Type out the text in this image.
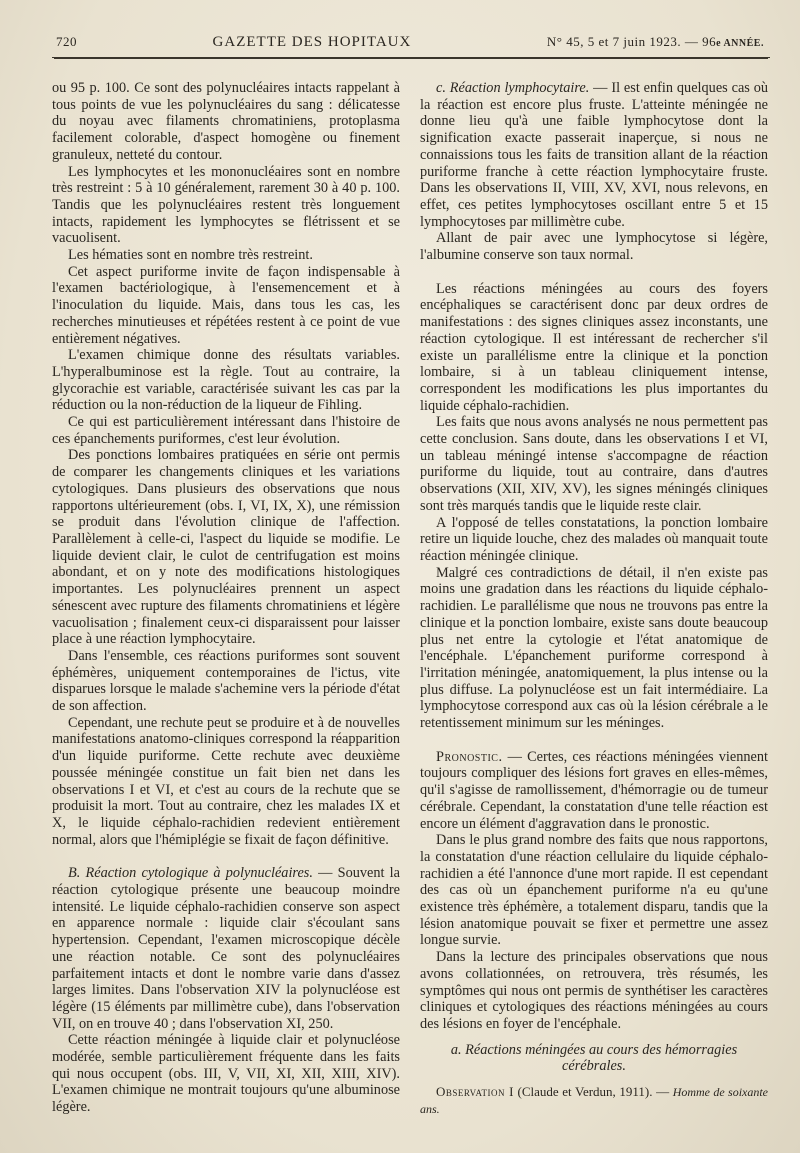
720	GAZETTE DES HOPITAUX	N° 45, 5 et 7 juin 1923. — 96e ANNÉE.

ou 95 p. 100. Ce sont des polynucléaires intacts rappelant à tous points de vue les polynucléaires du sang : délicatesse du noyau avec filaments chromatiniens, protoplasma facilement colorable, d'aspect homogène ou finement granuleux, netteté du contour.

Les lymphocytes et les mononucléaires sont en nombre très restreint : 5 à 10 généralement, rarement 30 à 40 p. 100. Tandis que les polynucléaires restent très longuement intacts, rapidement les lymphocytes se flétrissent et se vacuolisent.

Les hématies sont en nombre très restreint.

Cet aspect puriforme invite de façon indispensable à l'examen bactériologique, à l'ensemencement et à l'inoculation du liquide. Mais, dans tous les cas, les recherches minutieuses et répétées restent à ce point de vue entièrement négatives.

L'examen chimique donne des résultats variables. L'hyperalbuminose est la règle. Tout au contraire, la glycorachie est variable, caractérisée suivant les cas par la réduction ou la non-réduction de la liqueur de Fihling.

Ce qui est particulièrement intéressant dans l'histoire de ces épanchements puriformes, c'est leur évolution.

Des ponctions lombaires pratiquées en série ont permis de comparer les changements cliniques et les variations cytologiques. Dans plusieurs des observations que nous rapportons ultérieurement (obs. I, VI, IX, X), une rémission se produit dans l'évolution clinique de l'affection. Parallèlement à celle-ci, l'aspect du liquide se modifie. Le liquide devient clair, le culot de centrifugation est moins abondant, et on y note des modifications histologiques importantes. Les polynucléaires prennent un aspect sénescent avec rupture des filaments chromatiniens et légère vacuolisation ; finalement ceux-ci disparaissent pour laisser place à une réaction lymphocytaire.

Dans l'ensemble, ces réactions puriformes sont souvent éphémères, uniquement contemporaines de l'ictus, vite disparues lorsque le malade s'achemine vers la période d'état de son affection.

Cependant, une rechute peut se produire et à de nouvelles manifestations anatomo-cliniques correspond la réapparition d'un liquide puriforme. Cette rechute avec deuxième poussée méningée constitue un fait bien net dans les observations I et VI, et c'est au cours de la rechute que se produisit la mort. Tout au contraire, chez les malades IX et X, le liquide céphalo-rachidien redevient entièrement normal, alors que l'hémiplégie se fixait de façon définitive.

B. Réaction cytologique à polynucléaires. — Souvent la réaction cytologique présente une beaucoup moindre intensité. Le liquide céphalo-rachidien conserve son aspect en apparence normale : liquide clair s'écoulant sans hypertension. Cependant, l'examen microscopique décèle une réaction notable. Ce sont des polynucléaires parfaitement intacts et dont le nombre varie dans d'assez larges limites. Dans l'observation XIV la polynucléose est légère (15 éléments par millimètre cube), dans l'observation VII, on en trouve 40 ; dans l'observation XI, 250.

Cette réaction méningée à liquide clair et polynucléose modérée, semble particulièrement fréquente dans les faits qui nous occupent (obs. III, V, VII, XI, XII, XIII, XIV). L'examen chimique ne montrait toujours qu'une albuminose légère.

c. Réaction lymphocytaire. — Il est enfin quelques cas où la réaction est encore plus fruste. L'atteinte méningée ne donne lieu qu'à une faible lymphocytose dont la signification exacte passerait inaperçue, si nous ne connaissions tous les faits de transition allant de la réaction puriforme franche à cette réaction lymphocytaire fruste. Dans les observations II, VIII, XV, XVI, nous relevons, en effet, ces petites lymphocytoses oscillant entre 5 et 15 lymphocytoses par millimètre cube.

Allant de pair avec une lymphocytose si légère, l'albumine conserve son taux normal.

Les réactions méningées au cours des foyers encéphaliques se caractérisent donc par deux ordres de manifestations : des signes cliniques assez inconstants, une réaction cytologique. Il est intéressant de rechercher s'il existe un parallélisme entre la clinique et la ponction lombaire, si à un tableau cliniquement intense, correspondent les modifications les plus importantes du liquide céphalo-rachidien.

Les faits que nous avons analysés ne nous permettent pas cette conclusion. Sans doute, dans les observations I et VI, un tableau méningé intense s'accompagne de réaction puriforme du liquide, tout au contraire, dans d'autres observations (XII, XIV, XV), les signes méningés cliniques sont très marqués tandis que le liquide reste clair.

A l'opposé de telles constatations, la ponction lombaire retire un liquide louche, chez des malades où manquait toute réaction méningée clinique.

Malgré ces contradictions de détail, il n'en existe pas moins une gradation dans les réactions du liquide céphalo-rachidien. Le parallélisme que nous ne trouvons pas entre la clinique et la ponction lombaire, existe sans doute beaucoup plus net entre la cytologie et l'état anatomique de l'encéphale. L'épanchement puriforme correspond à l'irritation méningée, anatomiquement, la plus intense ou la plus diffuse. La polynucléose est un fait intermédiaire. La lymphocytose correspond aux cas où la lésion cérébrale a le retentissement minimum sur les méninges.

Pronostic. — Certes, ces réactions méningées viennent toujours compliquer des lésions fort graves en elles-mêmes, qu'il s'agisse de ramollissement, d'hémorragie ou de tumeur cérébrale. Cependant, la constatation d'une telle réaction est encore un élément d'aggravation dans le pronostic.

Dans le plus grand nombre des faits que nous rapportons, la constatation d'une réaction cellulaire du liquide céphalo-rachidien a été l'annonce d'une mort rapide. Il est cependant des cas où un épanchement puriforme n'a eu qu'une existence très éphémère, a totalement disparu, tandis que la lésion anatomique pouvait se fixer et permettre une assez longue survie.

Dans la lecture des principales observations que nous avons collationnées, on retrouvera, très résumés, les symptômes qui nous ont permis de synthétiser les caractères cliniques et cytologiques des réactions méningées au cours des lésions en foyer de l'encéphale.

a. Réactions méningées au cours des hémorragies cérébrales.

Observation I (Claude et Verdun, 1911). — Homme de soixante ans.
